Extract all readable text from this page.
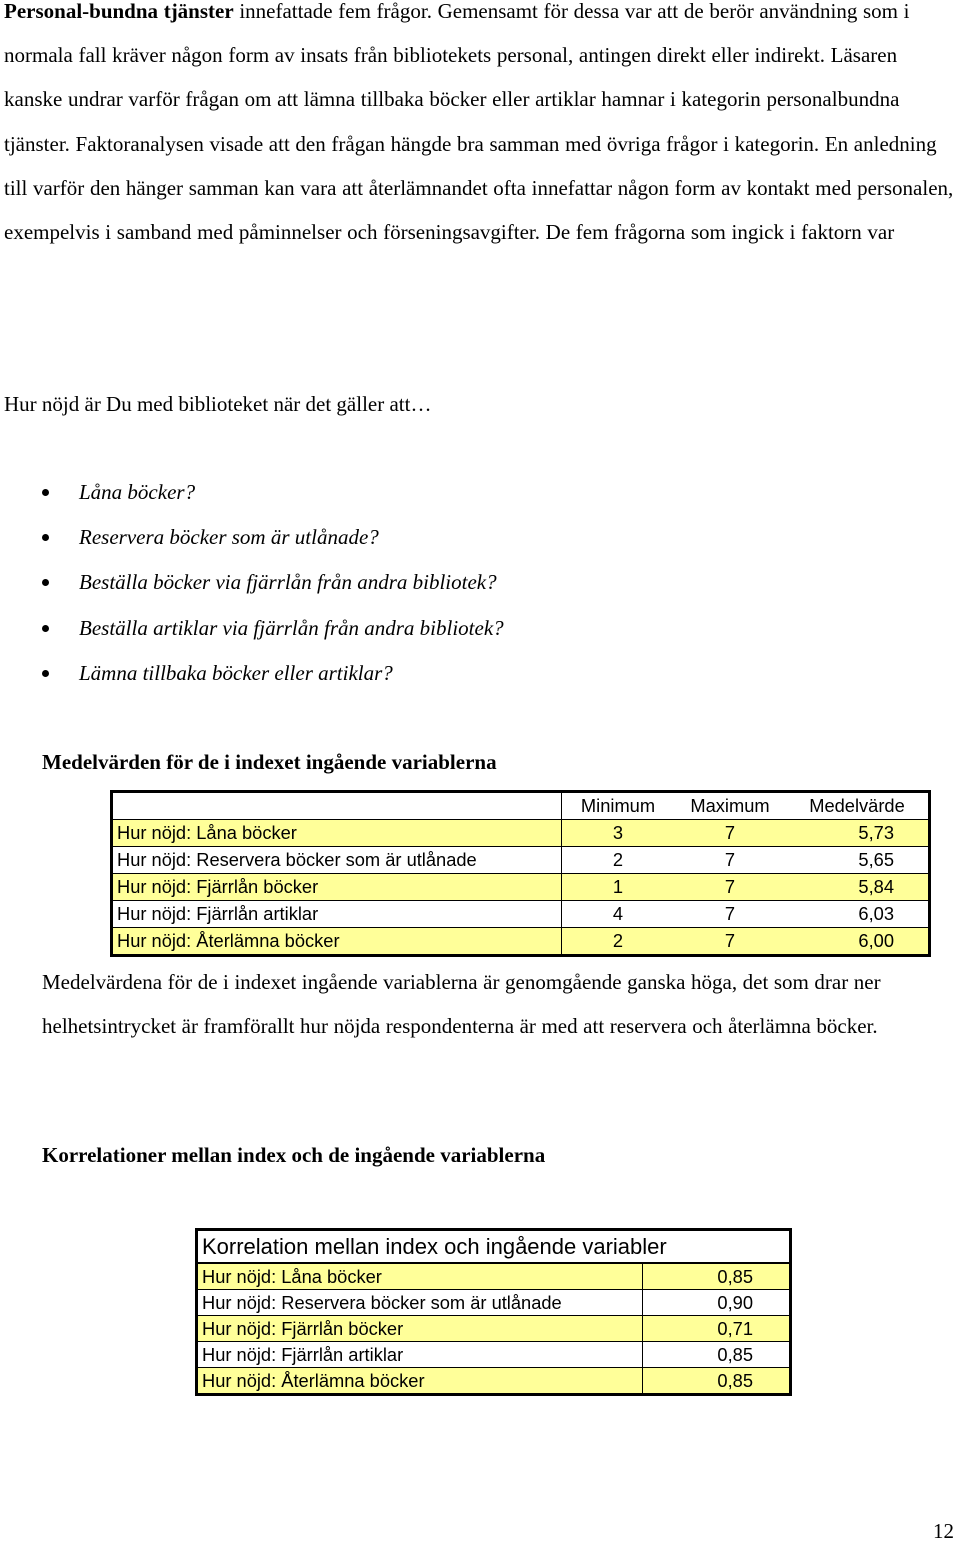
Personal-bundna tjänster innefattade fem frågor. Gemensamt för dessa var att de berör användning som i normala fall kräver någon form av insats från bibliotekets personal, antingen direkt eller indirekt. Läsaren kanske undrar varför frågan om att lämna tillbaka böcker eller artiklar hamnar i kategorin personalbundna tjänster. Faktoranalysen visade att den frågan hängde bra samman med övriga frågor i kategorin. En anledning till varför den hänger samman kan vara att återlämnandet ofta innefattar någon form av kontakt med personalen, exempelvis i samband med påminnelser och förseningsavgifter. De fem frågorna som ingick i faktorn var

Hur nöjd är Du med biblioteket när det gäller att…

Låna böcker?
Reservera böcker som är utlånade?
Beställa böcker via fjärrlån från andra bibliotek?
Beställa artiklar via fjärrlån från andra bibliotek?
Lämna tillbaka böcker eller artiklar?
Medelvärden för de i indexet ingående variablerna
	Minimum	Maximum	Medelvärde
Hur nöjd: Låna böcker	3	7	5,73
Hur nöjd: Reservera böcker som är utlånade	2	7	5,65
Hur nöjd: Fjärrlån böcker	1	7	5,84
Hur nöjd: Fjärrlån artiklar	4	7	6,03
Hur nöjd: Återlämna böcker	2	7	6,00

Medelvärdena för de i indexet ingående variablerna är genomgående ganska höga, det som drar ner helhetsintrycket är framförallt hur nöjda respondenterna är med att reservera och återlämna böcker.

Korrelationer mellan index och de ingående variablerna
Korrelation mellan index och ingående variabler	
Hur nöjd: Låna böcker	0,85
Hur nöjd: Reservera böcker som är utlånade	0,90
Hur nöjd: Fjärrlån böcker	0,71
Hur nöjd: Fjärrlån artiklar	0,85
Hur nöjd: Återlämna böcker	0,85
12
